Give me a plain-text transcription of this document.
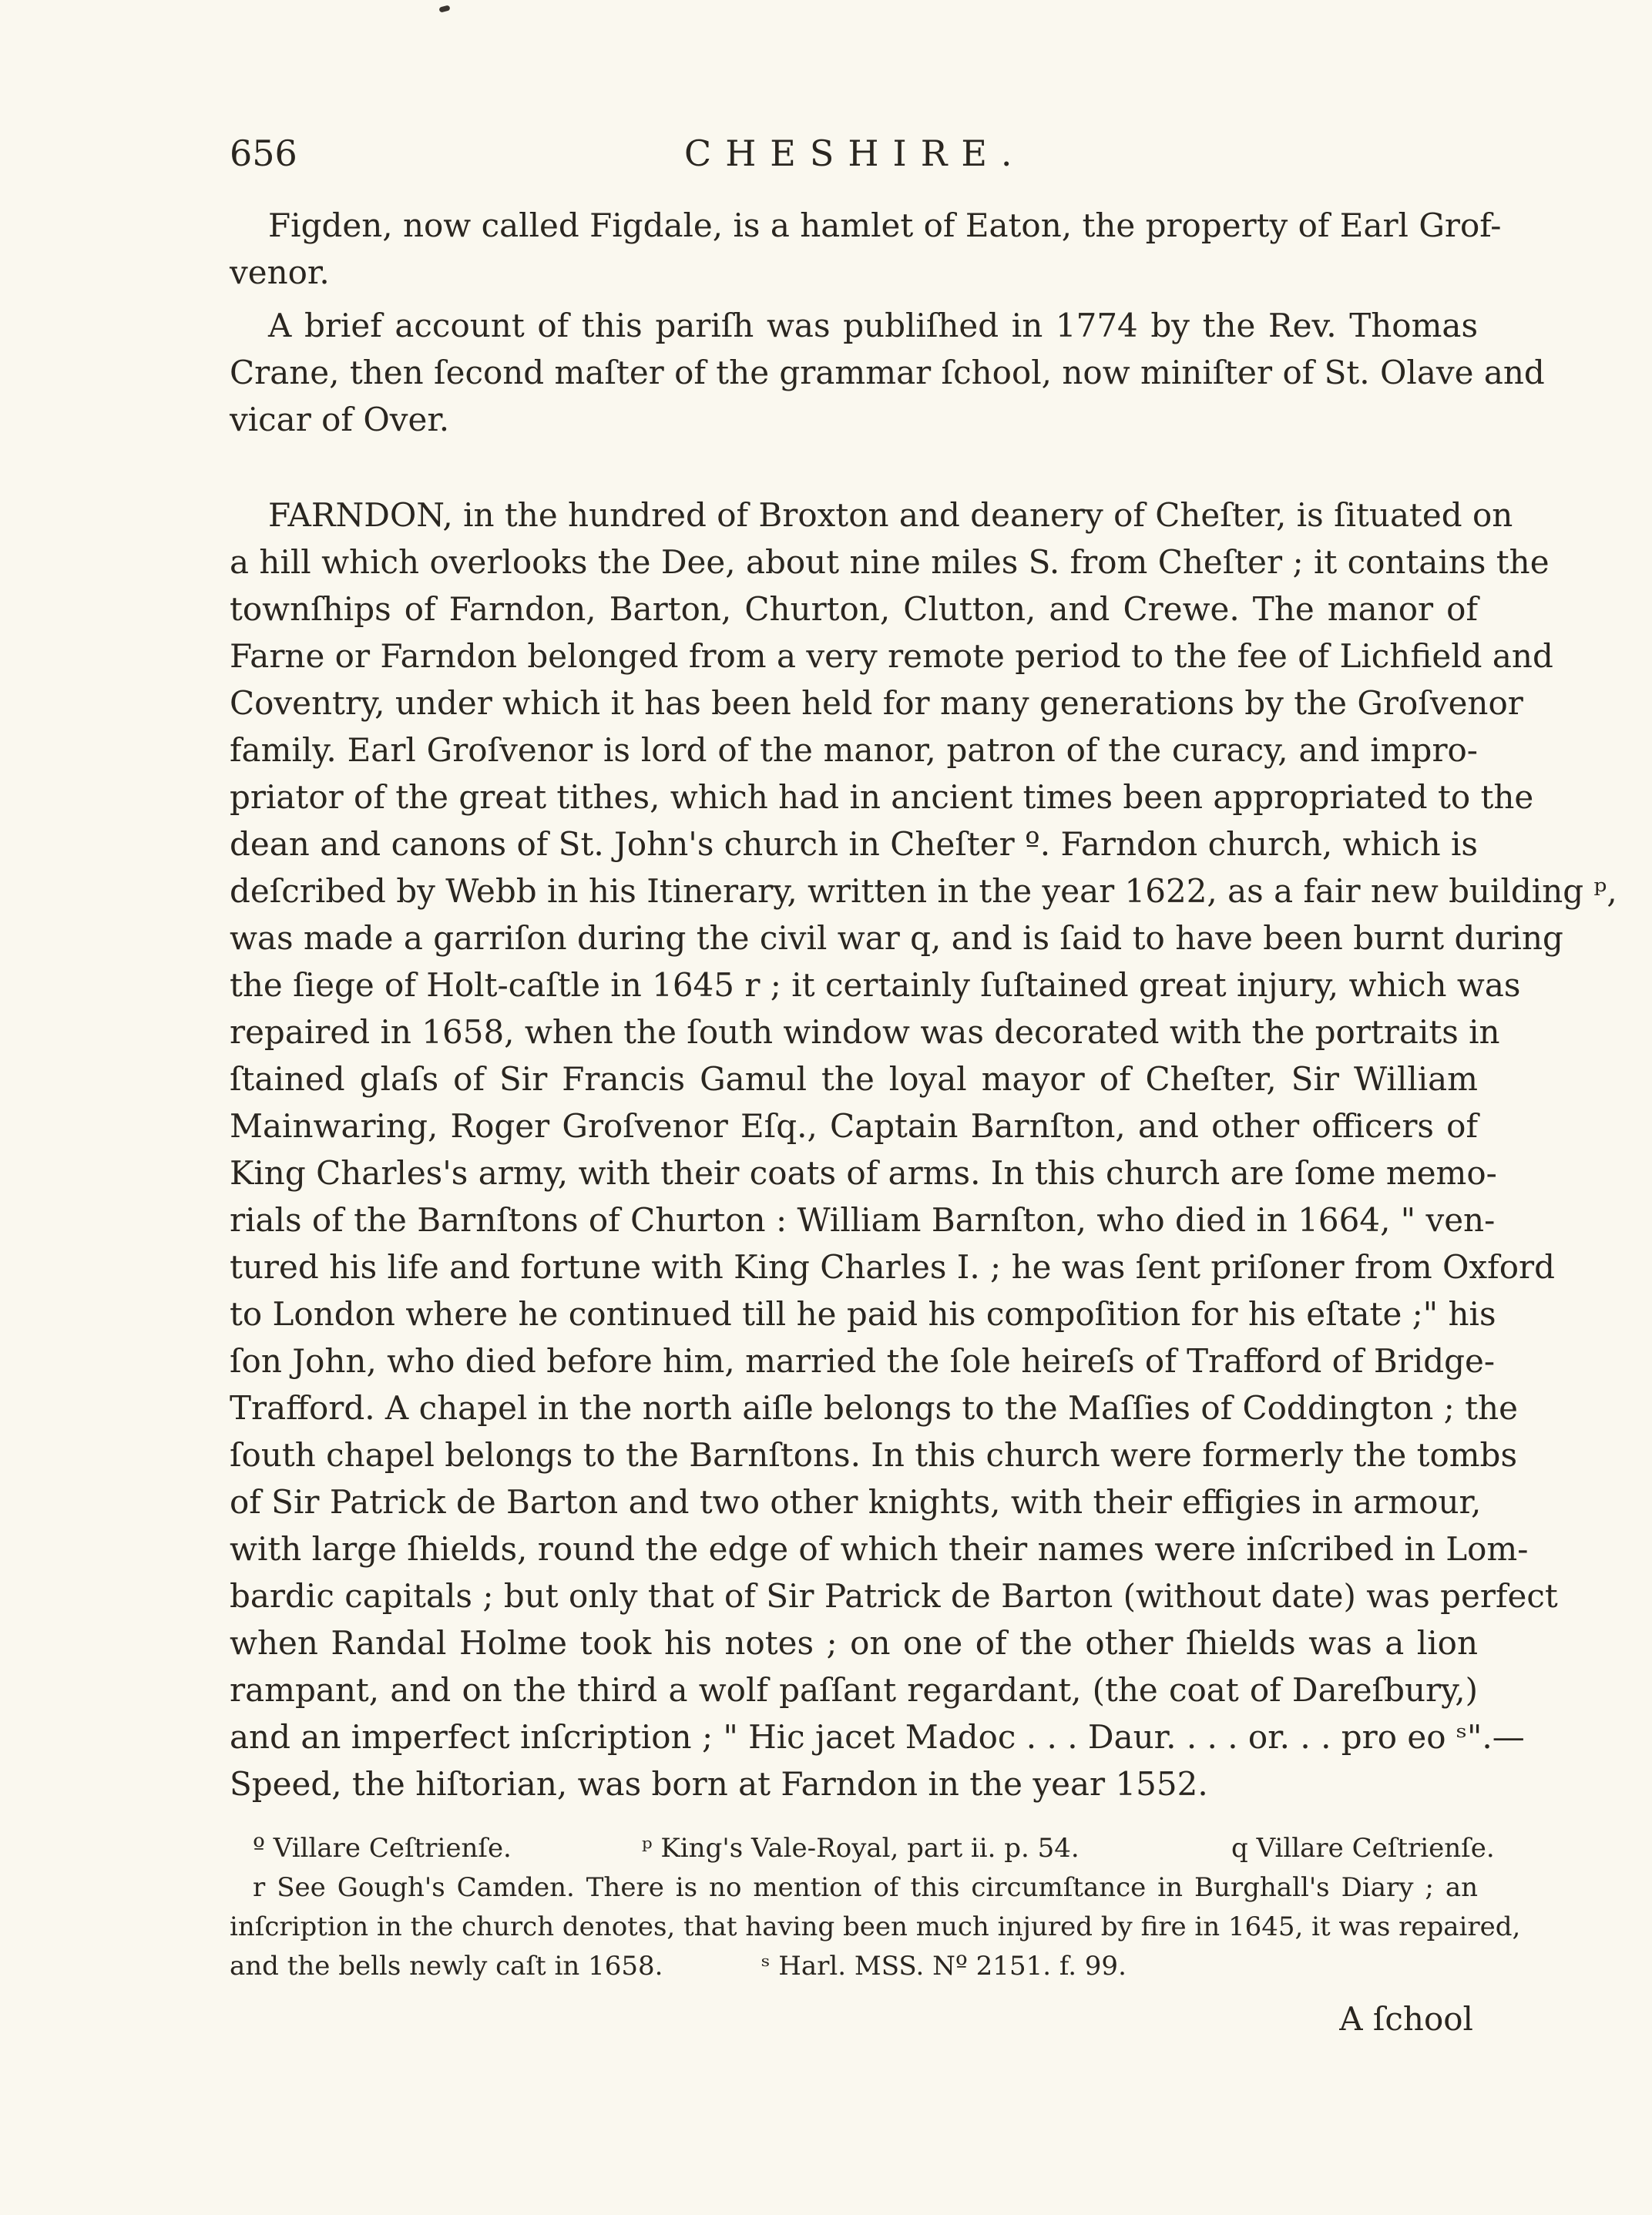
656	CHESHIRE.
Figden, now called Figdale, is a hamlet of Eaton, the property of Earl Grof-
venor.
A brief account of this pariſh was publiſhed in 1774 by the Rev. Thomas
Crane, then ſecond maſter of the grammar ſchool, now miniſter of St. Olave and
vicar of Over.
FARNDON, in the hundred of Broxton and deanery of Cheſter, is ſituated on
a hill which overlooks the Dee, about nine miles S. from Cheſter ; it contains the
townſhips of Farndon, Barton, Churton, Clutton, and Crewe. The manor of
Farne or Farndon belonged from a very remote period to the fee of Lichfield and
Coventry, under which it has been held for many generations by the Groſvenor
family. Earl Groſvenor is lord of the manor, patron of the curacy, and impro-
priator of the great tithes, which had in ancient times been appropriated to the
dean and canons of St. John's church in Cheſter º. Farndon church, which is
deſcribed by Webb in his Itinerary, written in the year 1622, as a fair new building ᵖ,
was made a garriſon during the civil war q, and is ſaid to have been burnt during
the ſiege of Holt-caſtle in 1645 r ; it certainly ſuſtained great injury, which was
repaired in 1658, when the ſouth window was decorated with the portraits in
ſtained glaſs of Sir Francis Gamul the loyal mayor of Cheſter, Sir William
Mainwaring, Roger Groſvenor Eſq., Captain Barnſton, and other officers of
King Charles's army, with their coats of arms. In this church are ſome memo-
rials of the Barnſtons of Churton : William Barnſton, who died in 1664, " ven-
tured his life and fortune with King Charles I. ; he was ſent priſoner from Oxford
to London where he continued till he paid his compoſition for his eſtate ;" his
ſon John, who died before him, married the ſole heireſs of Trafford of Bridge-
Trafford. A chapel in the north aiſle belongs to the Maſſies of Coddington ; the
ſouth chapel belongs to the Barnſtons. In this church were formerly the tombs
of Sir Patrick de Barton and two other knights, with their effigies in armour,
with large ſhields, round the edge of which their names were inſcribed in Lom-
bardic capitals ; but only that of Sir Patrick de Barton (without date) was perfect
when Randal Holme took his notes ; on one of the other ſhields was a lion
rampant, and on the third a wolf paſſant regardant, (the coat of Dareſbury,)
and an imperfect inſcription ; " Hic jacet Madoc . . . Daur. . . . or. . . pro eo ˢ".—
Speed, the hiſtorian, was born at Farndon in the year 1552.
º Villare Ceſtrienſe.	ᵖ King's Vale-Royal, part ii. p. 54.	q Villare Ceſtrienſe.
r See Gough's Camden. There is no mention of this circumſtance in Burghall's Diary ; an
inſcription in the church denotes, that having been much injured by fire in 1645, it was repaired,
and the bells newly caſt in 1658.	ˢ Harl. MSS. Nº 2151. f. 99.
A ſchool
